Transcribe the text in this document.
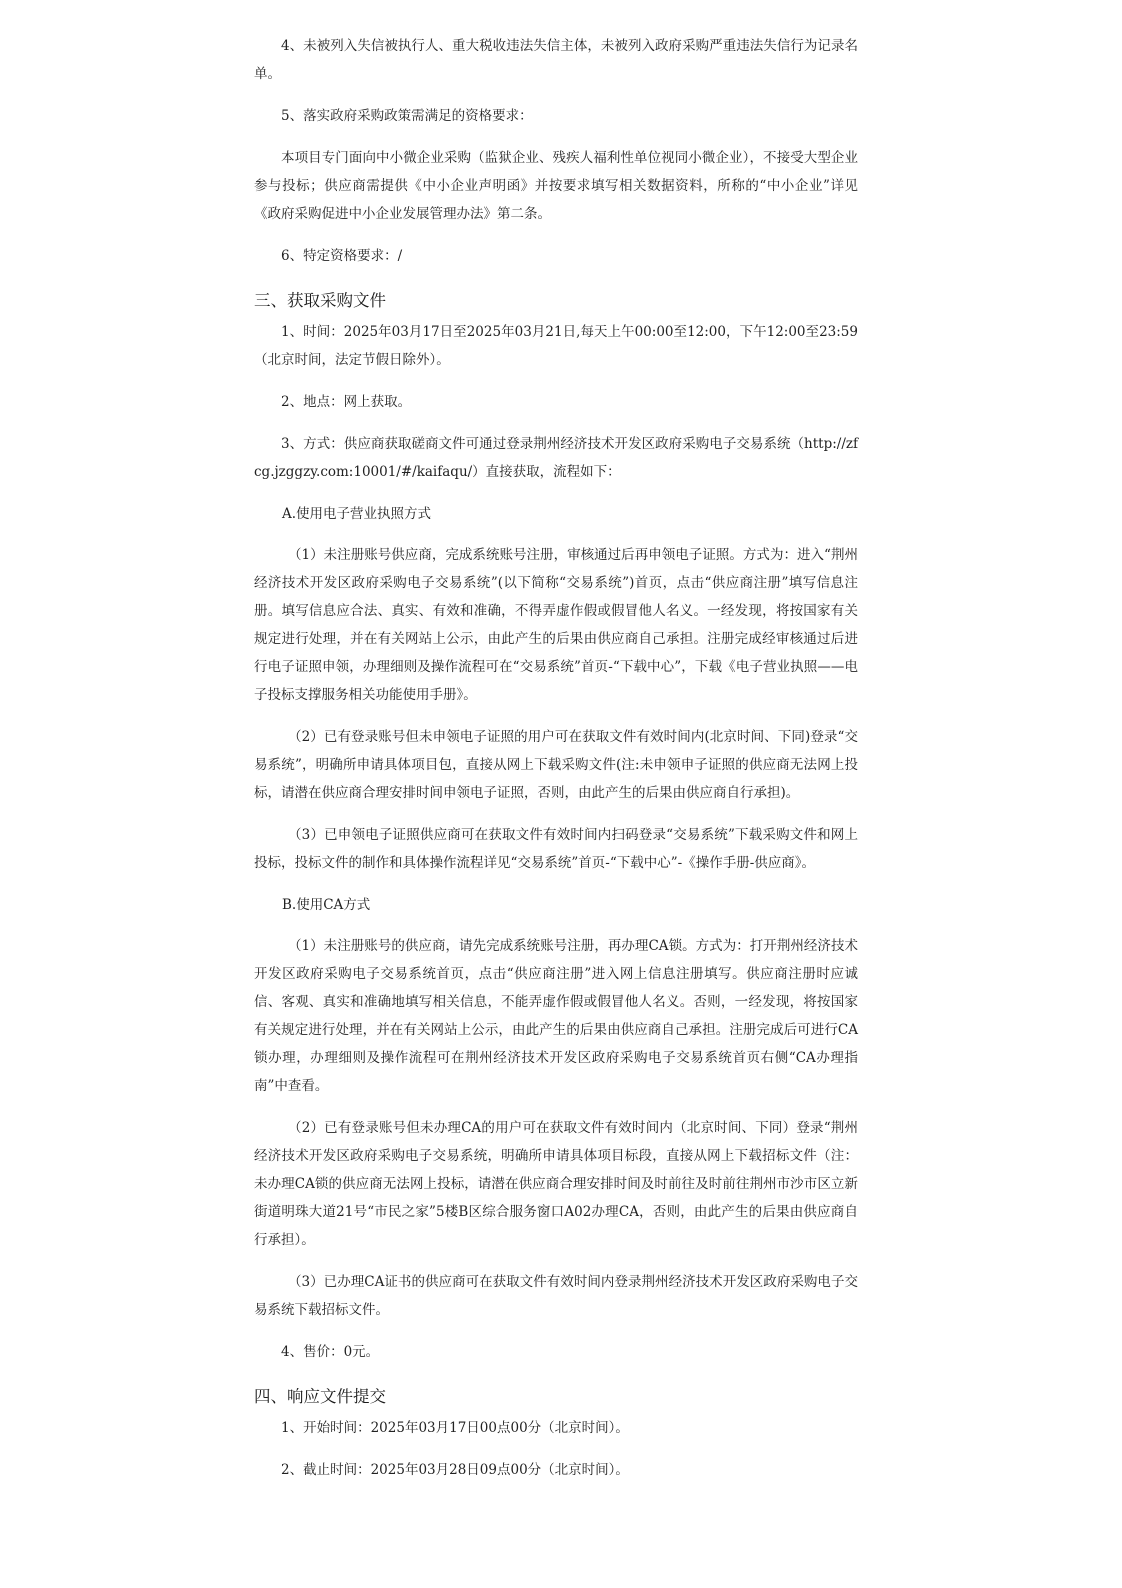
4、未被列入失信被执行人、重大税收违法失信主体，未被列入政府采购严重违法失信行为记录名单。

5、落实政府采购政策需满足的资格要求：

本项目专门面向中小微企业采购（监狱企业、残疾人福利性单位视同小微企业），不接受大型企业参与投标；供应商需提供《中小企业声明函》并按要求填写相关数据资料，所称的“中小企业”详见《政府采购促进中小企业发展管理办法》第二条。

6、特定资格要求：/

三、获取采购文件

1、时间：2025年03月17日至2025年03月21日,每天上午00:00至12:00，下午12:00至23:59（北京时间，法定节假日除外）。

2、地点：网上获取。

3、方式：供应商获取磋商文件可通过登录荆州经济技术开发区政府采购电子交易系统（http://zfcg.jzggzy.com:10001/#/kaifaqu/）直接获取，流程如下：

A.使用电子营业执照方式

（1）未注册账号供应商，完成系统账号注册，审核通过后再申领电子证照。方式为：进入“荆州经济技术开发区政府采购电子交易系统”(以下简称“交易系统”)首页，点击“供应商注册”填写信息注册。填写信息应合法、真实、有效和准确，不得弄虚作假或假冒他人名义。一经发现，将按国家有关规定进行处理，并在有关网站上公示，由此产生的后果由供应商自己承担。注册完成经审核通过后进行电子证照申领，办理细则及操作流程可在“交易系统”首页-“下载中心”，下载《电子营业执照——电子投标支撑服务相关功能使用手册》。

（2）已有登录账号但未申领电子证照的用户可在获取文件有效时间内(北京时间、下同)登录“交易系统”，明确所申请具体项目包，直接从网上下载采购文件(注:未申领申子证照的供应商无法网上投标，请潜在供应商合理安排时间申领电子证照，否则，由此产生的后果由供应商自行承担)。

（3）已申领电子证照供应商可在获取文件有效时间内扫码登录“交易系统”下载采购文件和网上投标，投标文件的制作和具体操作流程详见“交易系统”首页-“下载中心”-《操作手册-供应商》。

B.使用CA方式

（1）未注册账号的供应商，请先完成系统账号注册，再办理CA锁。方式为：打开荆州经济技术开发区政府采购电子交易系统首页，点击“供应商注册”进入网上信息注册填写。供应商注册时应诚信、客观、真实和准确地填写相关信息，不能弄虚作假或假冒他人名义。否则，一经发现，将按国家有关规定进行处理，并在有关网站上公示，由此产生的后果由供应商自己承担。注册完成后可进行CA锁办理，办理细则及操作流程可在荆州经济技术开发区政府采购电子交易系统首页右侧“CA办理指南”中查看。

（2）已有登录账号但未办理CA的用户可在获取文件有效时间内（北京时间、下同）登录“荆州经济技术开发区政府采购电子交易系统，明确所申请具体项目标段，直接从网上下载招标文件（注：未办理CA锁的供应商无法网上投标，请潜在供应商合理安排时间及时前往及时前往荆州市沙市区立新街道明珠大道21号“市民之家”5楼B区综合服务窗口A02办理CA，否则，由此产生的后果由供应商自行承担）。

（3）已办理CA证书的供应商可在获取文件有效时间内登录荆州经济技术开发区政府采购电子交易系统下载招标文件。

4、售价：0元。

四、响应文件提交

1、开始时间：2025年03月17日00点00分（北京时间）。

2、截止时间：2025年03月28日09点00分（北京时间）。
